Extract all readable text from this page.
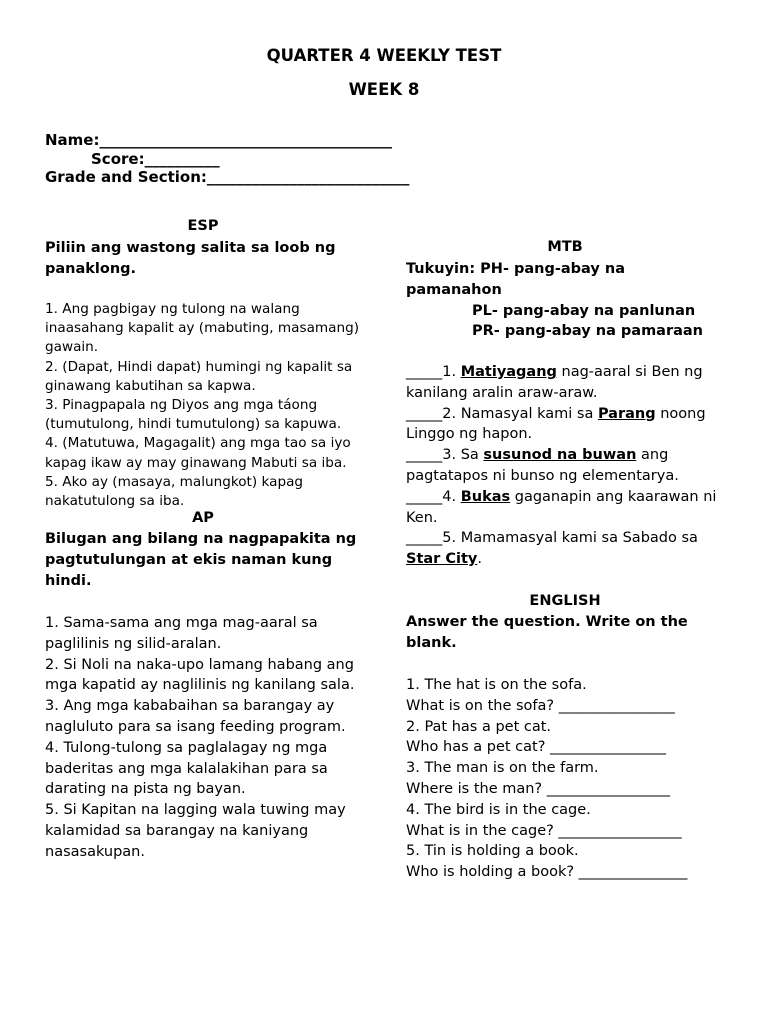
QUARTER 4 WEEKLY TEST
WEEK 8
Name:_______________________________________
Score:__________
Grade and Section:___________________________
ESP
Piliin ang wastong salita sa loob ng panaklong.

1. Ang pagbigay ng tulong na walang inaasahang kapalit ay (mabuting, masamang) gawain.

2. (Dapat, Hindi dapat) humingi ng kapalit sa ginawang kabutihan sa kapwa.

3. Pinagpapala ng Diyos ang mga táong (tumutulong, hindi tumutulong) sa kapuwa.

4. (Matutuwa, Magagalit) ang mga tao sa iyo kapag ikaw ay may ginawang Mabuti sa iba.

5. Ako ay (masaya, malungkot) kapag nakatutulong sa iba.

AP
Bilugan ang bilang na nagpapakita ng pagtutulungan at ekis naman kung hindi.

1. Sama-sama ang mga mag-aaral sa paglilinis ng silid-aralan.

2. Si Noli na naka-upo lamang habang ang mga kapatid ay naglilinis ng kanilang sala.

3. Ang mga kababaihan sa barangay ay nagluluto para sa isang feeding program.

4. Tulong-tulong sa paglalagay ng mga baderitas ang mga kalalakihan para sa darating na pista ng bayan.

5. Si Kapitan na lagging wala tuwing may kalamidad sa barangay na kaniyang nasasakupan.

MTB

Tukuyin: PH- pang-abay na pamanahon

PL- pang-abay na panlunan

PR- pang-abay na pamaraan

_____1. Matiyagang nag-aaral si Ben ng kanilang aralin araw-araw.

_____2. Namasyal kami sa Parang noong Linggo ng hapon.

_____3. Sa susunod na buwan ang pagtatapos ni bunso ng elementarya.

_____4. Bukas gaganapin ang kaarawan ni Ken.

_____5. Mamamasyal kami sa Sabado sa Star City.

ENGLISH
Answer the question. Write on the blank.

1. The hat is on the sofa.

What is on the sofa? ________________

2. Pat has a pet cat.

Who has a pet cat? ________________

3. The man is on the farm.

Where is the man? _________________

4. The bird is in the cage.

What is in the cage? _________________

5. Tin is holding a book.

Who is holding a book? _______________
